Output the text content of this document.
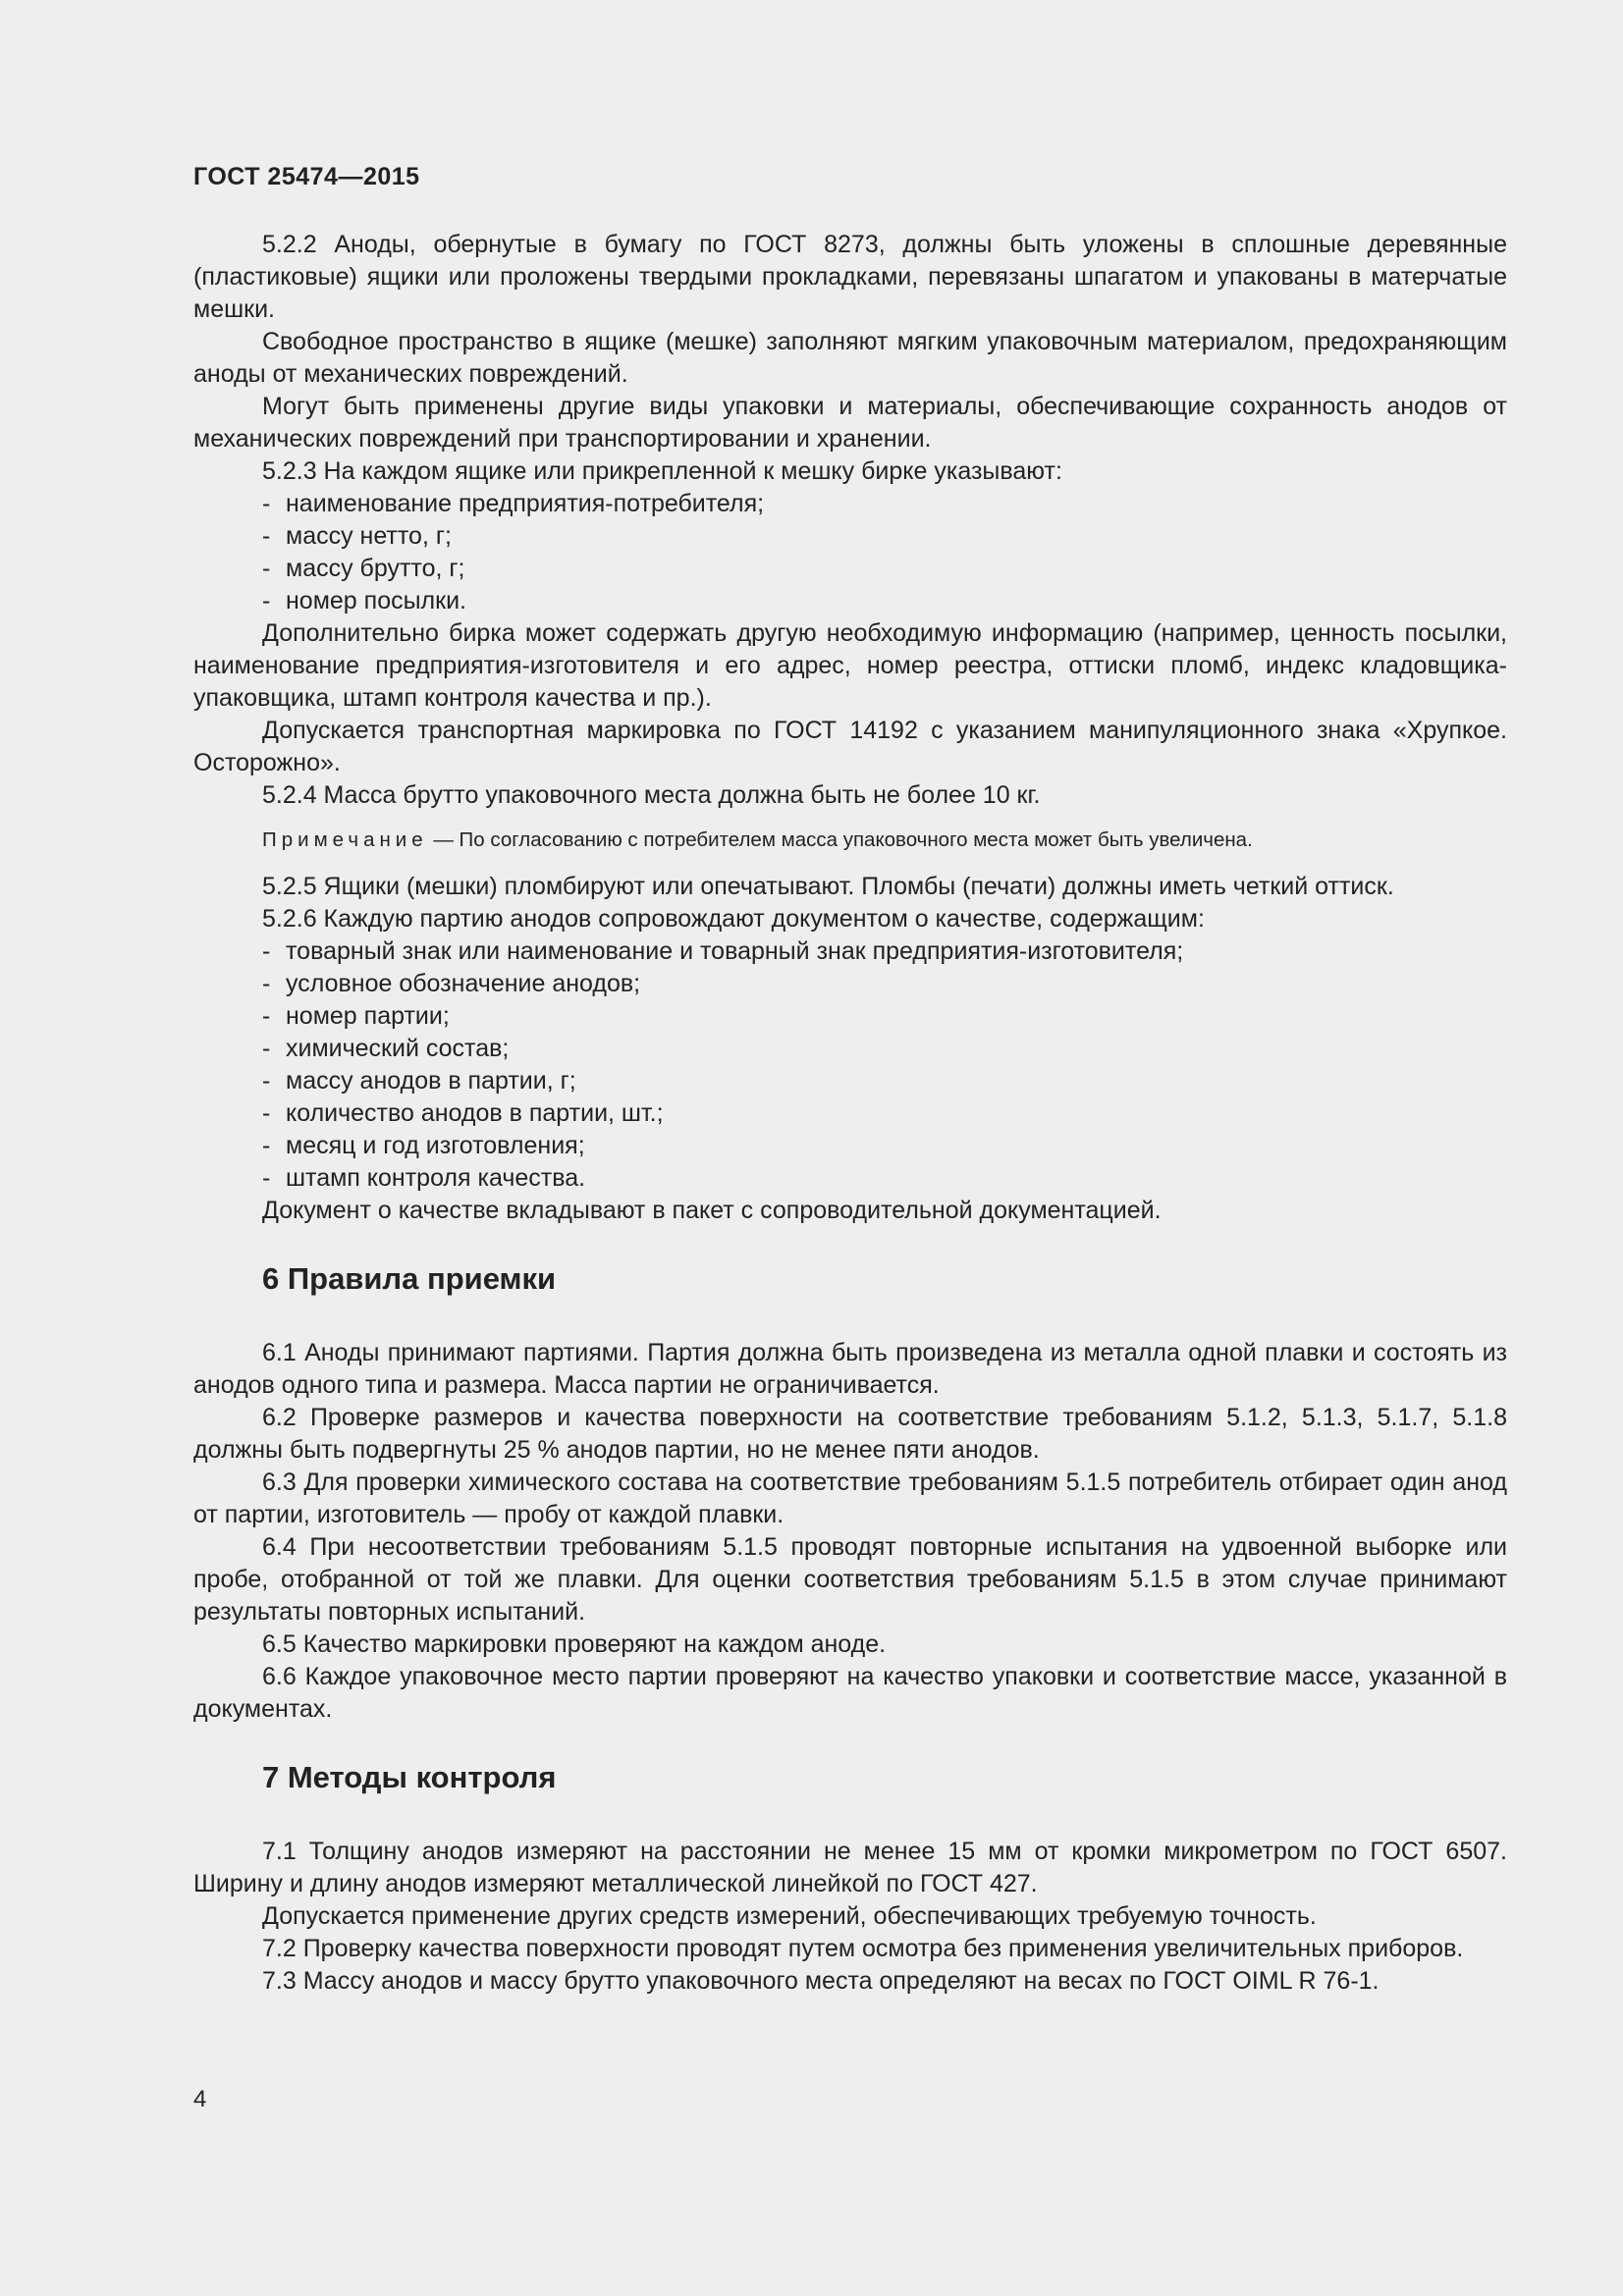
ГОСТ 25474—2015

5.2.2 Аноды, обернутые в бумагу по ГОСТ 8273, должны быть уложены в сплошные деревянные (пластиковые) ящики или проложены твердыми прокладками, перевязаны шпагатом и упакованы в матерчатые мешки.

Свободное пространство в ящике (мешке) заполняют мягким упаковочным материалом, предохраняющим аноды от механических повреждений.

Могут быть применены другие виды упаковки и материалы, обеспечивающие сохранность анодов от механических повреждений при транспортировании и хранении.

5.2.3 На каждом ящике или прикрепленной к мешку бирке указывают:

- наименование предприятия-потребителя;

- массу нетто, г;

- массу брутто, г;

- номер посылки.

Дополнительно бирка может содержать другую необходимую информацию (например, ценность посылки, наименование предприятия-изготовителя и его адрес, номер реестра, оттиски пломб, индекс кладовщика-упаковщика, штамп контроля качества и пр.).

Допускается транспортная маркировка по ГОСТ 14192 с указанием манипуляционного знака «Хрупкое. Осторожно».

5.2.4 Масса брутто упаковочного места должна быть не более 10 кг.

Примечание — По согласованию с потребителем масса упаковочного места может быть увеличена.

5.2.5 Ящики (мешки) пломбируют или опечатывают. Пломбы (печати) должны иметь четкий оттиск.

5.2.6 Каждую партию анодов сопровождают документом о качестве, содержащим:

- товарный знак или наименование и товарный знак предприятия-изготовителя;

- условное обозначение анодов;

- номер партии;

- химический состав;

- массу анодов в партии, г;

- количество анодов в партии, шт.;

- месяц и год изготовления;

- штамп контроля качества.

Документ о качестве вкладывают в пакет с сопроводительной документацией.

6 Правила приемки

6.1 Аноды принимают партиями. Партия должна быть произведена из металла одной плавки и состоять из анодов одного типа и размера. Масса партии не ограничивается.

6.2 Проверке размеров и качества поверхности на соответствие требованиям 5.1.2, 5.1.3, 5.1.7, 5.1.8 должны быть подвергнуты 25 % анодов партии, но не менее пяти анодов.

6.3 Для проверки химического состава на соответствие требованиям 5.1.5 потребитель отбирает один анод от партии, изготовитель — пробу от каждой плавки.

6.4 При несоответствии требованиям 5.1.5 проводят повторные испытания на удвоенной выборке или пробе, отобранной от той же плавки. Для оценки соответствия требованиям 5.1.5 в этом случае принимают результаты повторных испытаний.

6.5 Качество маркировки проверяют на каждом аноде.

6.6 Каждое упаковочное место партии проверяют на качество упаковки и соответствие массе, указанной в документах.

7 Методы контроля

7.1 Толщину анодов измеряют на расстоянии не менее 15 мм от кромки микрометром по ГОСТ 6507. Ширину и длину анодов измеряют металлической линейкой по ГОСТ 427.

Допускается применение других средств измерений, обеспечивающих требуемую точность.

7.2 Проверку качества поверхности проводят путем осмотра без применения увеличительных приборов.

7.3 Массу анодов и массу брутто упаковочного места определяют на весах по ГОСТ OIML R 76-1.

4
